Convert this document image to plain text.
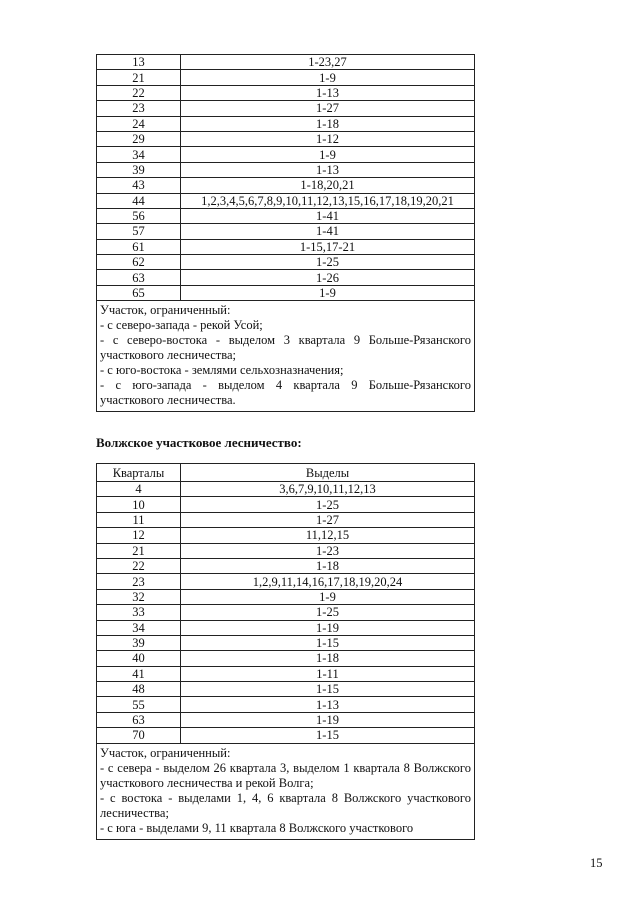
13	1-23,27
21	1-9
22	1-13
23	1-27
24	1-18
29	1-12
34	1-9
39	1-13
43	1-18,20,21
44	1,2,3,4,5,6,7,8,9,10,11,12,13,15,16,17,18,19,20,21
56	1-41
57	1-41
61	1-15,17-21
62	1-25
63	1-26
65	1-9

Участок, ограниченный:
- с северо-запада - рекой Усой;
- с северо-востока - выделом 3 квартала 9 Больше-Рязанского участкового лесничества;
- с юго-востока - землями сельхозназначения;
- с юго-запада - выделом 4 квартала 9 Больше-Рязанского участкового лесничества.	
Волжское участковое лесничество:
Кварталы	Выделы
4	3,6,7,9,10,11,12,13
10	1-25
11	1-27
12	11,12,15
21	1-23
22	1-18
23	1,2,9,11,14,16,17,18,19,20,24
32	1-9
33	1-25
34	1-19
39	1-15
40	1-18
41	1-11
48	1-15
55	1-13
63	1-19
70	1-15

Участок, ограниченный:
- с севера - выделом 26 квартала 3, выделом 1 квартала 8 Волжского участкового лесничества и рекой Волга;
- с востока - выделами 1, 4, 6 квартала 8 Волжского участкового лесничества;
- с юга - выделами 9, 11 квартала 8 Волжского участкового	
15
